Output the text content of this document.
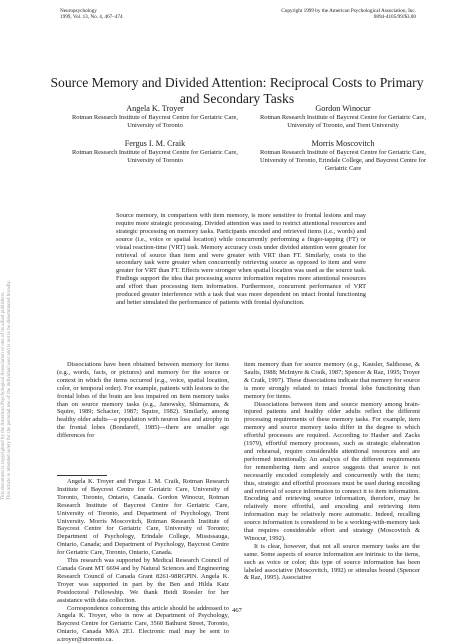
Neuropsychology
1999, Vol. 13, No. 4, 467–474
Copyright 1999 by the American Psychological Association, Inc.
0894-4105/99/$3.00
This document is copyrighted by the American Psychological Association or one of its allied publishers. This article is intended solely for the personal use of the individual user and is not to be disseminated broadly.
Source Memory and Divided Attention: Reciprocal Costs to Primary and Secondary Tasks
Angela K. Troyer
Rotman Research Institute of Baycrest Centre for Geriatric Care, University of Toronto
Gordon Winocur
Rotman Research Institute of Baycrest Centre for Geriatric Care, University of Toronto, and Trent University
Fergus I. M. Craik
Rotman Research Institute of Baycrest Centre for Geriatric Care, University of Toronto
Morris Moscovitch
Rotman Research Institute of Baycrest Centre for Geriatric Care, University of Toronto, Erindale College, and Baycrest Centre for Geriatric Care

Source memory, in comparison with item memory, is more sensitive to frontal lesions and may require more strategic processing. Divided attention was used to restrict attentional resources and strategic processing on memory tasks. Participants encoded and retrieved items (i.e., words) and source (i.e., voice or spatial location) while concurrently performing a finger-tapping (FT) or visual reaction-time (VRT) task. Memory accuracy costs under divided attention were greater for retrieval of source than item and were greater with VRT than FT. Similarly, costs to the secondary task were greater when concurrently retrieving source as opposed to item and were greater for VRT than FT. Effects were stronger when spatial location was used as the source task. Findings support the idea that processing source information requires more attentional resources and effort than processing item information. Furthermore, concurrent performance of VRT produced greater interference with a task that was more dependent on intact frontal functioning and better simulated the performance of patients with frontal dysfunction.

Dissociations have been obtained between memory for items (e.g., words, facts, or pictures) and memory for the source or context in which the items occurred (e.g., voice, spatial location, color, or temporal order). For example, patients with lesions to the frontal lobes of the brain are less impaired on item memory tasks than on source memory tasks (e.g., Janowsky, Shimamura, & Squire, 1989; Schacter, 1987; Squire, 1982). Similarly, among healthy older adults—a population with neuron loss and atrophy in the frontal lobes (Bondareff, 1985)—there are smaller age differences for

Angela K. Troyer and Fergus I. M. Craik, Rotman Research Institute of Baycrest Centre for Geriatric Care, University of Toronto, Toronto, Ontario, Canada. Gordon Winocur, Rotman Research Institute of Baycrest Centre for Geriatric Care, University of Toronto, and Department of Psychology, Trent University. Morris Moscovitch, Rotman Research Institute of Baycrest Centre for Geriatric Care, University of Toronto; Department of Psychology, Erindale College, Mississauga, Ontario, Canada; and Department of Psychology, Baycrest Centre for Geriatric Care, Toronto, Ontario, Canada.

This research was supported by Medical Research Council of Canada Grant MT 6694 and by Natural Sciences and Engineering Research Council of Canada Grant 8261-98RGPIN. Angela K. Troyer was supported in part by the Ben and Hilda Katz Postdoctoral Fellowship. We thank Heidi Roesler for her assistance with data collection.

Correspondence concerning this article should be addressed to Angela K. Troyer, who is now at Department of Psychology, Baycrest Centre for Geriatric Care, 3560 Bathurst Street, Toronto, Ontario, Canada M6A 2E1. Electronic mail may be sent to a.troyer@utoronto.ca.

item memory than for source memory (e.g., Kausler, Salthouse, & Saults, 1988; McIntyre & Craik, 1987; Spencer & Raz, 1995; Troyer & Craik, 1997). These dissociations indicate that memory for source is more strongly related to intact frontal lobe functioning than memory for items.

Dissociations between item and source memory among brain-injured patients and healthy older adults reflect the different processing requirements of these memory tasks. For example, item memory and source memory tasks differ in the degree to which effortful processes are required. According to Hasher and Zacks (1979), effortful memory processes, such as strategic elaboration and rehearsal, require considerable attentional resources and are performed intentionally. An analysis of the different requirements for remembering item and source suggests that source is not necessarily encoded completely and concurrently with the item; thus, strategic and effortful processes must be used during encoding and retrieval of source information to connect it to item information. Encoding and retrieving source information, therefore, may be relatively more effortful, and encoding and retrieving item information may be relatively more automatic. Indeed, recalling source information is considered to be a working-with-memory task that requires considerable effort and strategy (Moscovitch & Winocur, 1992).

It is clear, however, that not all source memory tasks are the same. Some aspects of source information are intrinsic to the items, such as voice or color; this type of source information has been labeled associative (Moscovitch, 1992) or stimulus bound (Spencer & Raz, 1995). Associative

467
